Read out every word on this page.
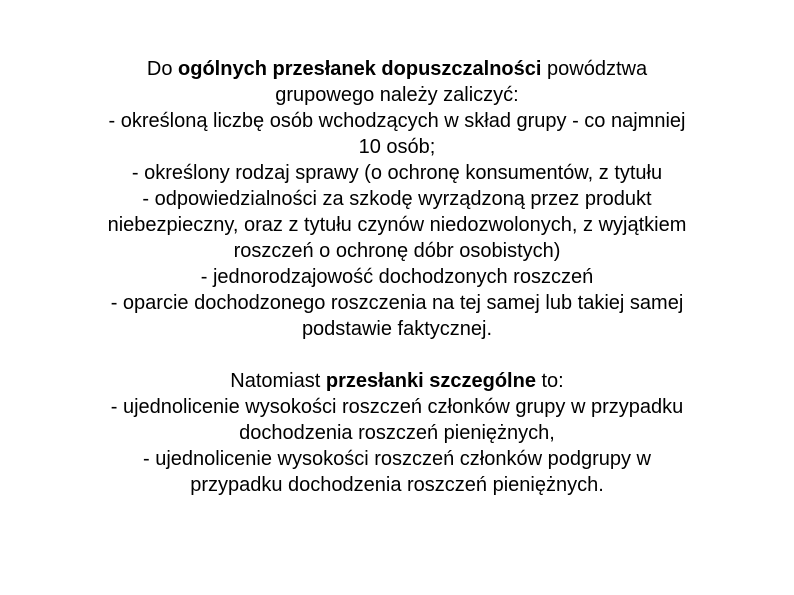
Do ogólnych przesłanek dopuszczalności powództwa
grupowego należy zaliczyć:
- określoną liczbę osób wchodzących w skład grupy - co najmniej
10 osób;
- określony rodzaj sprawy (o ochronę konsumentów, z tytułu
- odpowiedzialności za szkodę wyrządzoną przez produkt
niebezpieczny, oraz z tytułu czynów niedozwolonych, z wyjątkiem
roszczeń o ochronę dóbr osobistych)
- jednorodzajowość dochodzonych roszczeń
- oparcie dochodzonego roszczenia na tej samej lub takiej samej
podstawie faktycznej.
Natomiast przesłanki szczególne to:
- ujednolicenie wysokości roszczeń członków grupy w przypadku
dochodzenia roszczeń pieniężnych,
- ujednolicenie wysokości roszczeń członków podgrupy w
przypadku dochodzenia roszczeń pieniężnych.
